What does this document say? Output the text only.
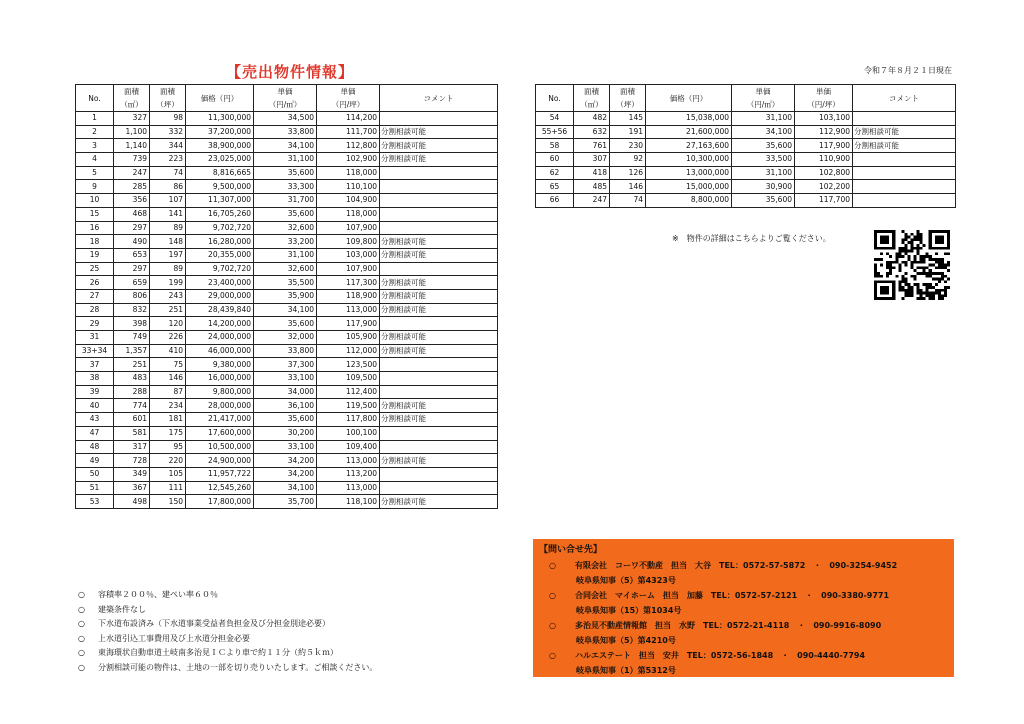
【売出物件情報】	令和７年８月２１日現在
No.	面積	面積	価格（円）	単価	単価	コメント
	（㎡）	（坪）		（円/㎡）	（円/坪）	
1	327	98	11,300,000	34,500	114,200	
2	1,100	332	37,200,000	33,800	111,700	分割相談可能
3	1,140	344	38,900,000	34,100	112,800	分割相談可能
4	739	223	23,025,000	31,100	102,900	分割相談可能
5	247	74	8,816,665	35,600	118,000	
9	285	86	9,500,000	33,300	110,100	
10	356	107	11,307,000	31,700	104,900	
15	468	141	16,705,260	35,600	118,000	
16	297	89	9,702,720	32,600	107,900	
18	490	148	16,280,000	33,200	109,800	分割相談可能
19	653	197	20,355,000	31,100	103,000	分割相談可能
25	297	89	9,702,720	32,600	107,900	
26	659	199	23,400,000	35,500	117,300	分割相談可能
27	806	243	29,000,000	35,900	118,900	分割相談可能
28	832	251	28,439,840	34,100	113,000	分割相談可能
29	398	120	14,200,000	35,600	117,900	
31	749	226	24,000,000	32,000	105,900	分割相談可能
33+34	1,357	410	46,000,000	33,800	112,000	分割相談可能
37	251	75	9,380,000	37,300	123,500	
38	483	146	16,000,000	33,100	109,500	
39	288	87	9,800,000	34,000	112,400	
40	774	234	28,000,000	36,100	119,500	分割相談可能
43	601	181	21,417,000	35,600	117,800	分割相談可能
47	581	175	17,600,000	30,200	100,100	
48	317	95	10,500,000	33,100	109,400	
49	728	220	24,900,000	34,200	113,000	分割相談可能
50	349	105	11,957,722	34,200	113,200	
51	367	111	12,545,260	34,100	113,000	
53	498	150	17,800,000	35,700	118,100	分割相談可能
No.	面積	面積	価格（円）	単価	単価	コメント
	（㎡）	（坪）		（円/㎡）	（円/坪）	
54	482	145	15,038,000	31,100	103,100	
55+56	632	191	21,600,000	34,100	112,900	分割相談可能
58	761	230	27,163,600	35,600	117,900	分割相談可能
60	307	92	10,300,000	33,500	110,900	
62	418	126	13,000,000	31,100	102,800	
65	485	146	15,000,000	30,900	102,200	
66	247	74	8,800,000	35,600	117,700	
※　物件の詳細はこちらよりご覧ください。
○ 容積率２００％、建ぺい率６０％
○ 建築条件なし
○ 下水道布設済み（下水道事業受益者負担金及び分担金別途必要）
○ 上水道引込工事費用及び上水道分担金必要
○ 東海環状自動車道土岐南多治見ＩＣより車で約１１分（約５ｋｍ）
○ 分割相談可能の物件は、土地の一部を切り売りいたします。ご相談ください。
【問い合せ先】
○ 有限会社　コーワ不動産　担当　大谷　TEL：0572-57-5872　・　090-3254-9452
岐阜県知事（5）第4323号
○ 合同会社　マイホーム　担当　加藤　TEL：0572-57-2121　・　090-3380-9771
岐阜県知事（15）第1034号
○ 多治見不動産情報館　担当　水野　TEL：0572-21-4118　・　090-9916-8090
岐阜県知事（5）第4210号
○ ハルエステート　担当　安井　TEL：0572-56-1848　・　090-4440-7794
岐阜県知事（1）第5312号
